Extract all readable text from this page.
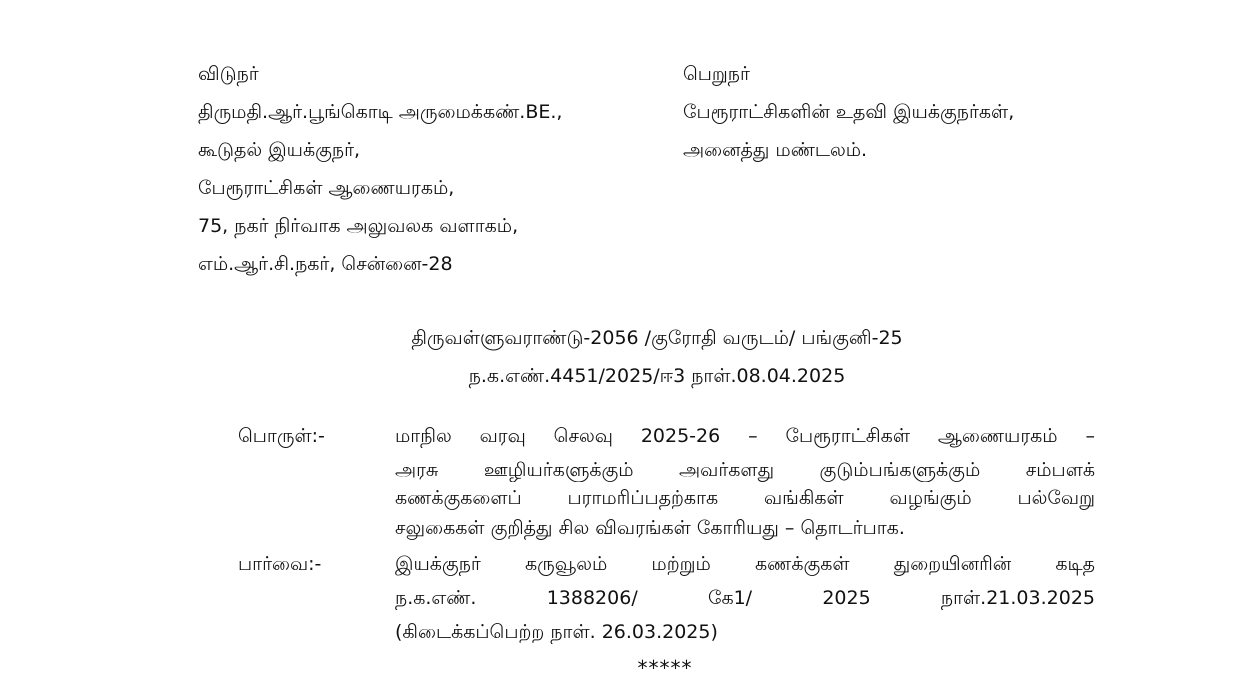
விடுநர்
திருமதி.ஆர்.பூங்கொடி அருமைக்கண்.BE.,
கூடுதல் இயக்குநர்,
பேரூராட்சிகள் ஆணையரகம்,
75, நகர் நிர்வாக அலுவலக வளாகம்,
எம்.ஆர்.சி.நகர், சென்னை-28
பெறுநர்
பேரூராட்சிகளின் உதவி இயக்குநர்கள்,
அனைத்து மண்டலம்.
திருவள்ளுவராண்டு-2056 /குரோதி வருடம்/ பங்குனி-25
ந.க.எண்.4451/2025/ஈ3 நாள்.08.04.2025
பொருள்:-	மாநில வரவு செலவு 2025-26 – பேரூராட்சிகள் ஆணையரகம் –
அரசு ஊழியர்களுக்கும் அவர்களது குடும்பங்களுக்கும் சம்பளக்
கணக்குகளைப் பராமரிப்பதற்காக வங்கிகள் வழங்கும் பல்வேறு
சலுகைகள் குறித்து சில விவரங்கள் கோரியது – தொடர்பாக.
பார்வை:-	இயக்குநர் கருவூலம் மற்றும் கணக்குகள் துறையினரின் கடித
ந.க.எண். 1388206/ கே1/ 2025 நாள்.21.03.2025
(கிடைக்கப்பெற்ற நாள். 26.03.2025)
*****
